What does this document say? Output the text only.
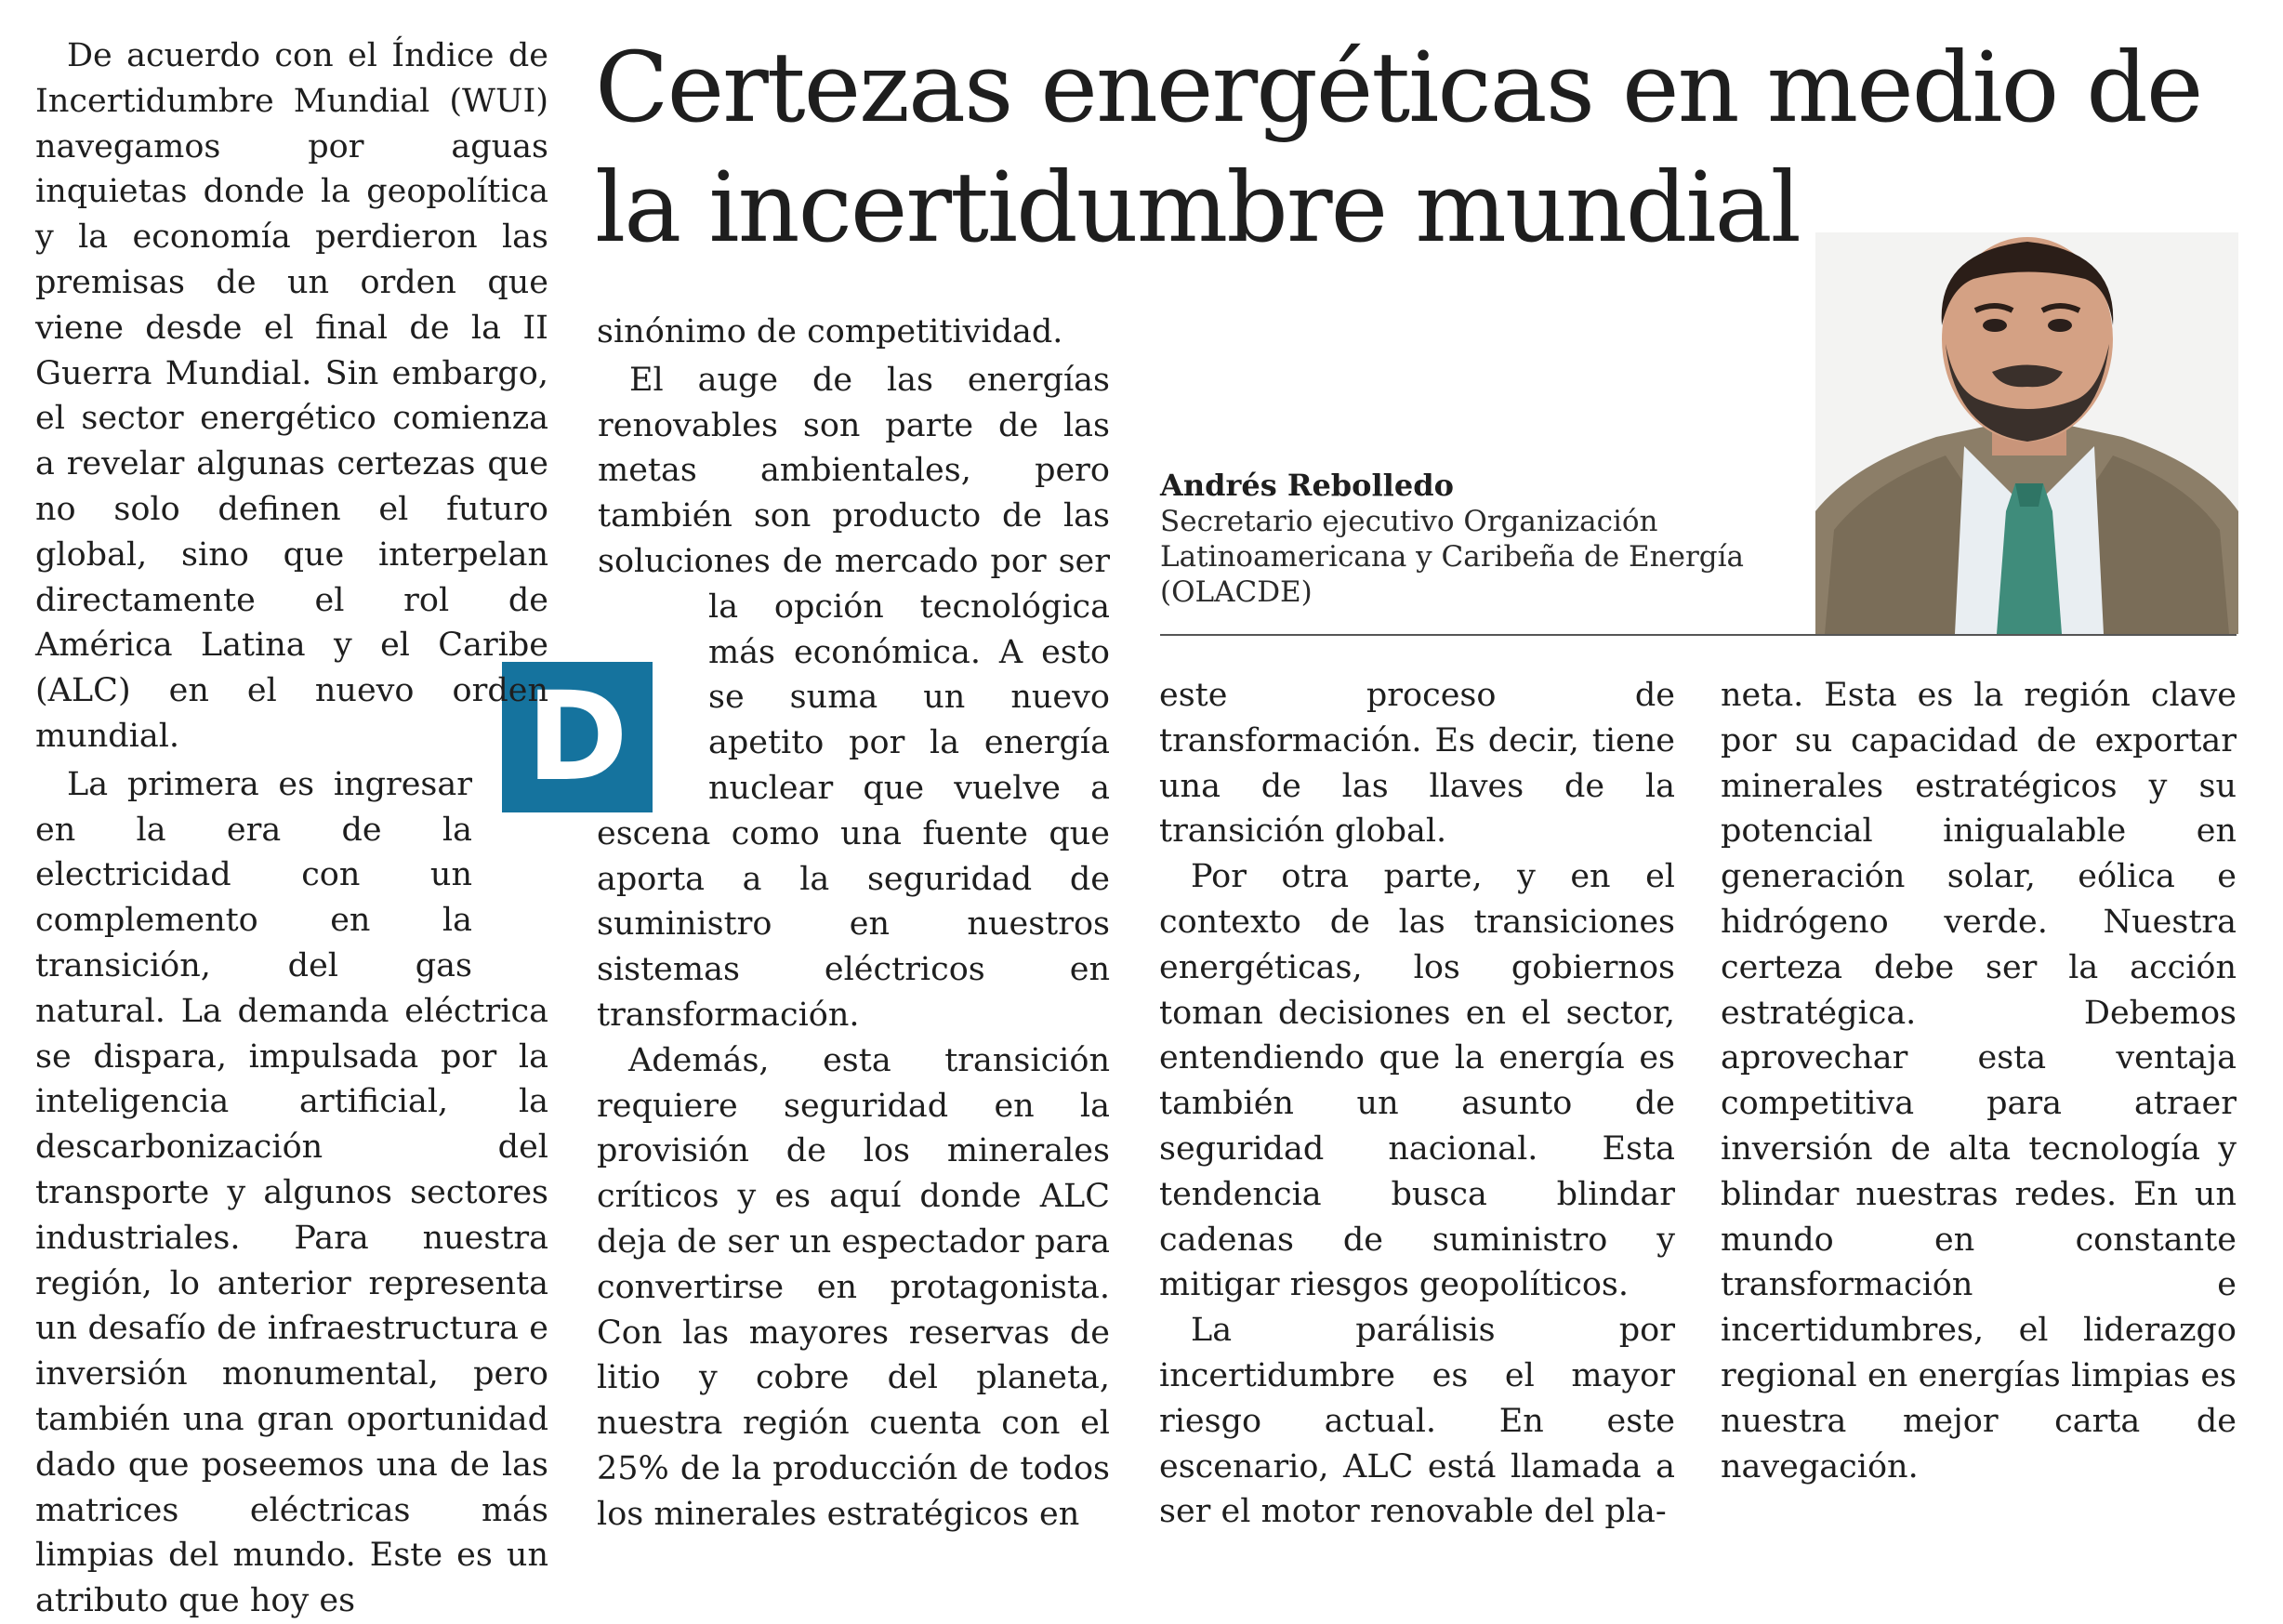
Certezas energéticas en medio de la incertidumbre mundial
Andrés Rebolledo
Secretario ejecutivo Organización Latinoamericana y Caribeña de Energía (OLACDE)
D

De acuerdo con el Índice de Incertidumbre Mundial (WUI) navegamos por aguas inquietas donde la geopolítica y la economía perdieron las premisas de un orden que viene desde el final de la II Guerra Mundial. Sin embargo, el sector energético comienza a revelar algunas certezas que no solo definen el futuro global, sino que interpelan directamente el rol de América Latina y el Caribe (ALC) en el nuevo orden mundial.

La primera es ingresar en la era de la electricidad con un complemento en la transición, del gas natural. La demanda eléctrica se dispara, impulsada por la inteligencia artificial, la descarbonización del transporte y algunos sectores industriales. Para nuestra región, lo anterior representa un desafío de infraestructura e inversión monumental, pero también una gran oportunidad dado que poseemos una de las matrices eléctricas más limpias del mundo. Este es un atributo que hoy es

sinónimo de competitividad.

El auge de las energías renovables son parte de las metas ambientales, pero también son producto de las soluciones de mercado por ser la opción tecnológica más económica. A esto se suma un nuevo apetito por la energía nuclear que vuelve a escena como una fuente que aporta a la seguridad de suministro en nuestros sistemas eléctricos en transformación.

Además, esta transición requiere seguridad en la provisión de los minerales críticos y es aquí donde ALC deja de ser un espectador para convertirse en protagonista. Con las mayores reservas de litio y cobre del planeta, nuestra región cuenta con el 25% de la producción de todos los minerales estratégicos en

este proceso de transformación. Es decir, tiene una de las llaves de la transición global.

Por otra parte, y en el contexto de las transiciones energéticas, los gobiernos toman decisiones en el sector, entendiendo que la energía es también un asunto de seguridad nacional. Esta tendencia busca blindar cadenas de suministro y mitigar riesgos geopolíticos.

La parálisis por incertidumbre es el mayor riesgo actual. En este escenario, ALC está llamada a ser el motor renovable del pla-

neta. Esta es la región clave por su capacidad de exportar minerales estratégicos y su potencial inigualable en generación solar, eólica e hidrógeno verde. Nuestra certeza debe ser la acción estratégica. Debemos aprovechar esta ventaja competitiva para atraer inversión de alta tecnología y blindar nuestras redes. En un mundo en constante transformación e incertidumbres, el liderazgo regional en energías limpias es nuestra mejor carta de navegación.
